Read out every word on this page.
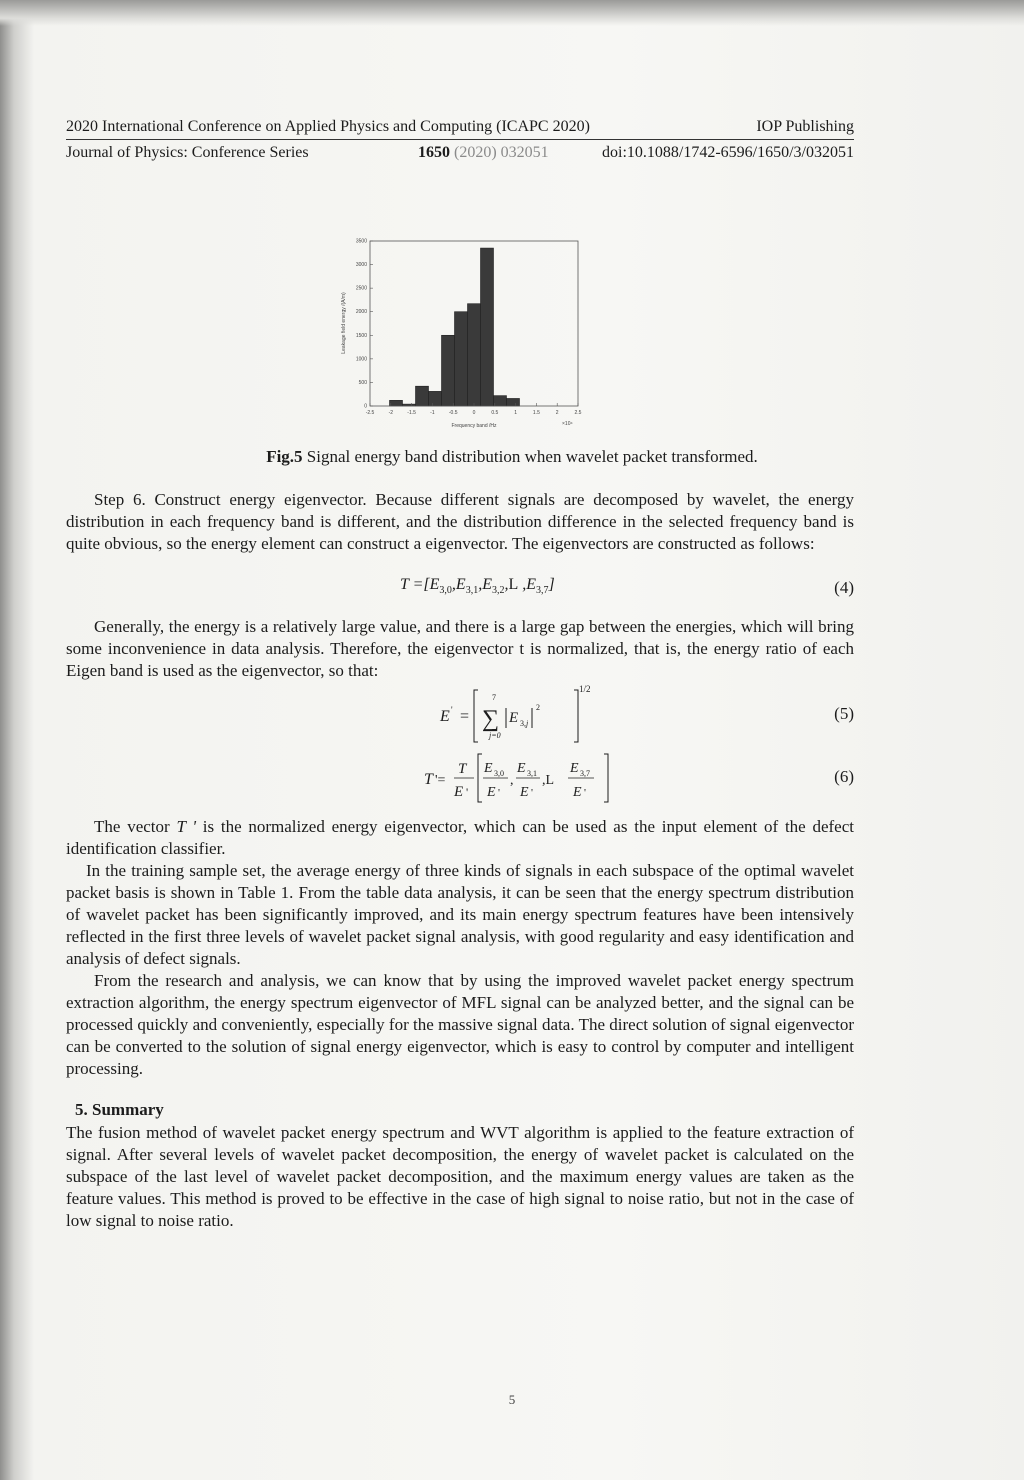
2020 International Conference on Applied Physics and Computing (ICAPC 2020)	IOP Publishing
Journal of Physics: Conference Series	1650 (2020) 032051	doi:10.1088/1742-6596/1650/3/032051
0
500
1000
1500
2000
2500
3000
3500
-2.5	-2	-1.5	-1	-0.5	0	0.5	1	1.5	2	2.5
Leakage field energy /(A/m)
Frequency band /Hz	×10⁴
Fig.5 Signal energy band distribution when wavelet packet transformed.
Step 6. Construct energy eigenvector. Because different signals are decomposed by wavelet, the energy distribution in each frequency band is different, and the distribution difference in the selected frequency band is quite obvious, so the energy element can construct a eigenvector. The eigenvectors are constructed as follows:
$T =[E_{3,0},E_{3,1},E_{3,2},L$ $,E_{3,7}$]	(4)
Generally, the energy is a relatively large value, and there is a large gap between the energies, which will bring some inconvenience in data analysis. Therefore, the eigenvector t is normalized, that is, the energy ratio of each Eigen band is used as the eigenvector, so that:
E ' =
7
∑
j=0
E 3,j
2
1/2
(5)
T '=
T
E '
E 3,0
E '
,
E 3,1
E '
,L
E 3,7
E '
(6)
The vector T ' is the normalized energy eigenvector, which can be used as the input element of the defect identification classifier.
In the training sample set, the average energy of three kinds of signals in each subspace of the optimal wavelet packet basis is shown in Table 1. From the table data analysis, it can be seen that the energy spectrum distribution of wavelet packet has been significantly improved, and its main energy spectrum features have been intensively reflected in the first three levels of wavelet packet signal analysis, with good regularity and easy identification and analysis of defect signals.
From the research and analysis, we can know that by using the improved wavelet packet energy spectrum extraction algorithm, the energy spectrum eigenvector of MFL signal can be analyzed better, and the signal can be processed quickly and conveniently, especially for the massive signal data. The direct solution of signal eigenvector can be converted to the solution of signal energy eigenvector, which is easy to control by computer and intelligent processing.
5. Summary
The fusion method of wavelet packet energy spectrum and WVT algorithm is applied to the feature extraction of signal. After several levels of wavelet packet decomposition, the energy of wavelet packet is calculated on the subspace of the last level of wavelet packet decomposition, and the maximum energy values are taken as the feature values. This method is proved to be effective in the case of high signal to noise ratio, but not in the case of low signal to noise ratio.
5
